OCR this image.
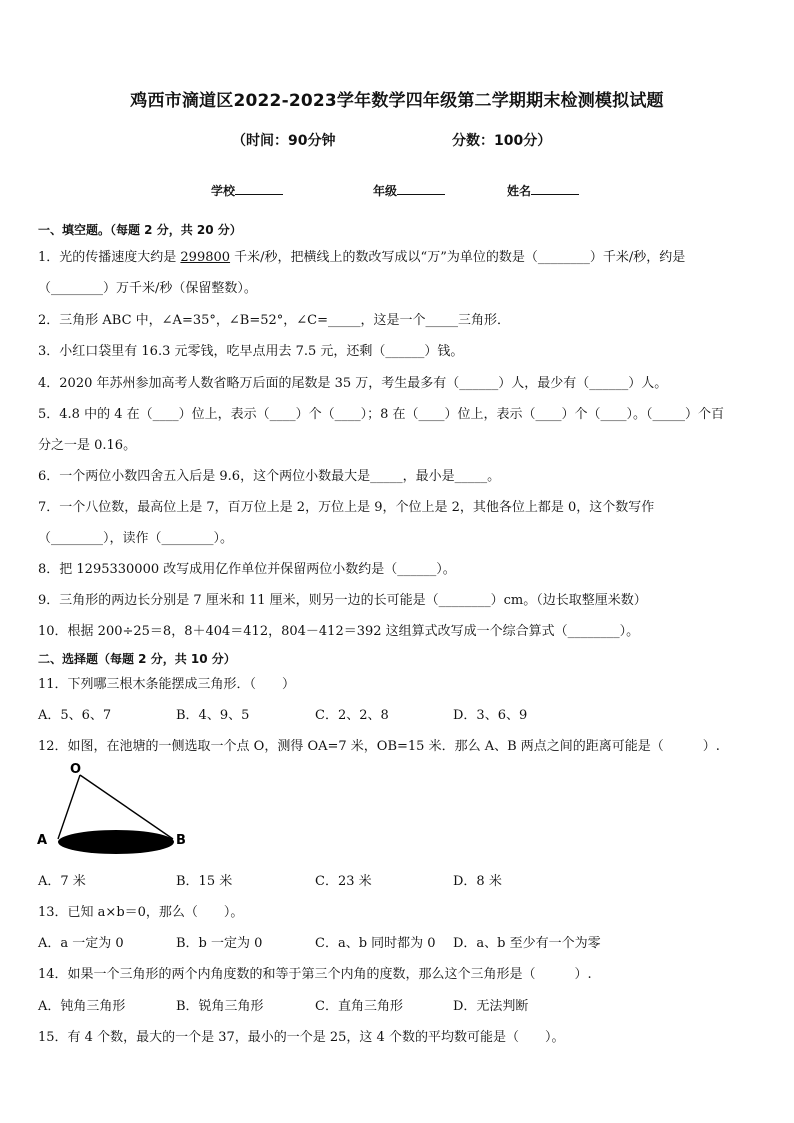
鸡西市滴道区2022-2023学年数学四年级第二学期期末检测模拟试题
（时间：90分钟	分数：100分）
学校	年级	姓名
一、填空题。（每题 2 分，共 20 分）
1．光的传播速度大约是 299800 千米/秒，把横线上的数改写成以“万”为单位的数是（________）千米/秒，约是
（________）万千米/秒（保留整数）。
2．三角形 ABC 中，∠A=35°，∠B=52°，∠C=_____，这是一个_____三角形．
3．小红口袋里有 16.3 元零钱，吃早点用去 7.5 元，还剩（______）钱。
4．2020 年苏州参加高考人数省略万后面的尾数是 35 万，考生最多有（______）人，最少有（______）人。
5．4.8 中的 4 在（____）位上，表示（____）个（____）；8 在（____）位上，表示（____）个（____）。（_____）个百
分之一是 0.16。
6．一个两位小数四舍五入后是 9.6，这个两位小数最大是_____，最小是_____。
7．一个八位数，最高位上是 7，百万位上是 2，万位上是 9，个位上是 2，其他各位上都是 0，这个数写作
（________），读作（________）。
8．把 1295330000 改写成用亿作单位并保留两位小数约是（______）。
9．三角形的两边长分别是 7 厘米和 11 厘米，则另一边的长可能是（________）cm。（边长取整厘米数）
10．根据 200÷25＝8，8＋404＝412，804－412＝392 这组算式改写成一个综合算式（________）。
二、选择题（每题 2 分，共 10 分）
11．下列哪三根木条能摆成三角形．（　　）
A．5、6、7	B．4、9、5	C．2、2、8	D．3、6、9
12．如图，在池塘的一侧选取一个点 O，测得 OA=7 米，OB=15 米．那么 A、B 两点之间的距离可能是（　　　）.
O
A	B
A．7 米	B．15 米	C．23 米	D．8 米
13．已知 a×b＝0，那么（　　）。
A．a 一定为 0	B．b 一定为 0	C．a、b 同时都为 0 D．a、b 至少有一个为零
14．如果一个三角形的两个内角度数的和等于第三个内角的度数，那么这个三角形是（　　　）.
A．钝角三角形	B．锐角三角形	C．直角三角形	D．无法判断
15．有 4 个数，最大的一个是 37，最小的一个是 25，这 4 个数的平均数可能是（　　）。
